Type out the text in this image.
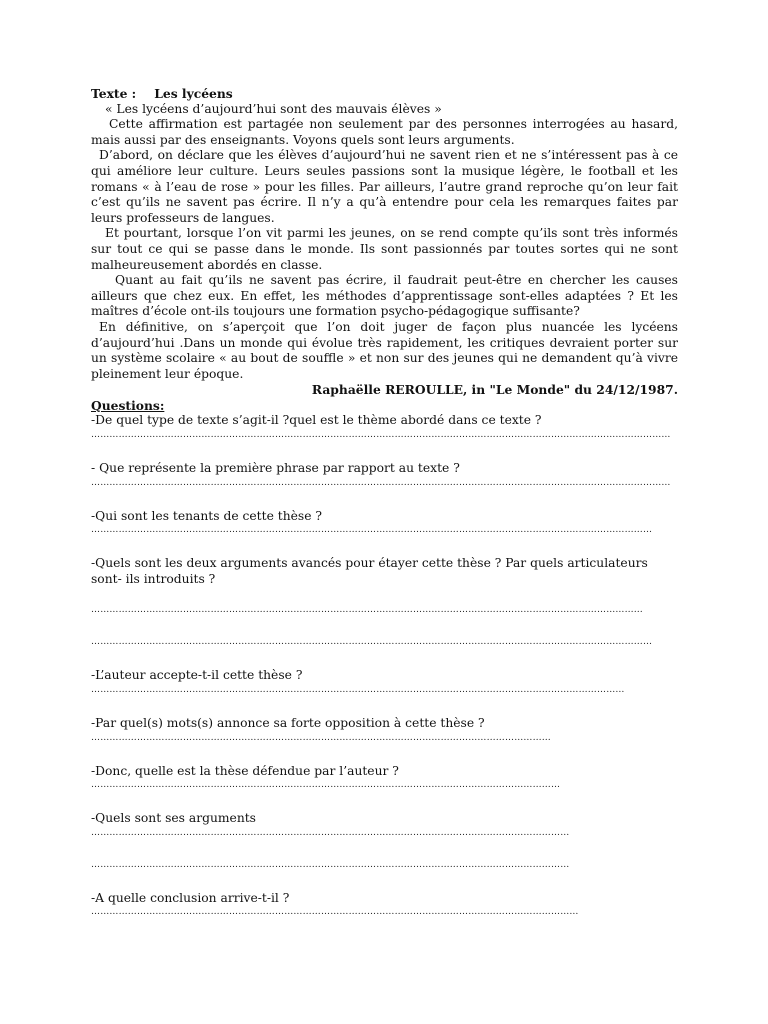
Texte : Les lycéens

« Les lycéens d’aujourd’hui sont des mauvais élèves »

Cette affirmation est partagée non seulement par des personnes interrogées au hasard, mais aussi par des enseignants. Voyons quels sont leurs arguments.

D’abord, on déclare que les élèves d’aujourd’hui ne savent rien et ne s’intéressent pas à ce qui améliore leur culture. Leurs seules passions sont la musique légère, le football et les romans « à l’eau de rose » pour les filles. Par ailleurs, l’autre grand reproche qu’on leur fait c’est qu’ils ne savent pas écrire. Il n’y a qu’à entendre pour cela les remarques faites par leurs professeurs de langues.

Et pourtant, lorsque l’on vit parmi les jeunes, on se rend compte qu’ils sont très informés sur tout ce qui se passe dans le monde. Ils sont passionnés par toutes sortes qui ne sont malheureusement abordés en classe.

Quant au fait qu’ils ne savent pas écrire, il faudrait peut-être en chercher les causes ailleurs que chez eux. En effet, les méthodes d’apprentissage sont-elles adaptées ? Et les maîtres d’école ont-ils toujours une formation psycho-pédagogique suffisante?

En définitive, on s’aperçoit que l’on doit juger de façon plus nuancée les lycéens d’aujourd’hui .Dans un monde qui évolue très rapidement, les critiques devraient porter sur un système scolaire « au bout de souffle » et non sur des jeunes qui ne demandent qu’à vivre pleinement leur époque.

Raphaëlle REROULLE, in "Le Monde" du 24/12/1987.

Questions:

-De quel type de texte s’agit-il ?quel est le thème abordé dans ce texte ?

………………………………………………………………………………………………………………………………………………………………………

- Que représente la première phrase par rapport au texte ?

………………………………………………………………………………………………………………………………………………………………………

-Qui sont les tenants de cette thèse ?

…………………………………………………………………………………………………………………………………………………………………

-Quels sont les deux arguments avancés pour étayer cette thèse ? Par quels articulateurs sont- ils introduits ?

………………………………………………………………………………………………………………………………………………………………

…………………………………………………………………………………………………………………………………………………………………

-L’auteur accepte-t-il cette thèse ?

…………………………………………………………………………………………………………………………………………………………

-Par quel(s) mots(s) annonce sa forte opposition à cette thèse ?

……………………………………………………………………………………………………………………………………

-Donc, quelle est la thèse défendue par l’auteur ?

………………………………………………………………………………………………………………………………………

-Quels sont ses arguments

…………………………………………………………………………………………………………………………………………

…………………………………………………………………………………………………………………………………………

-A quelle conclusion arrive-t-il ?

……………………………………………………………………………………………………………………………………………
